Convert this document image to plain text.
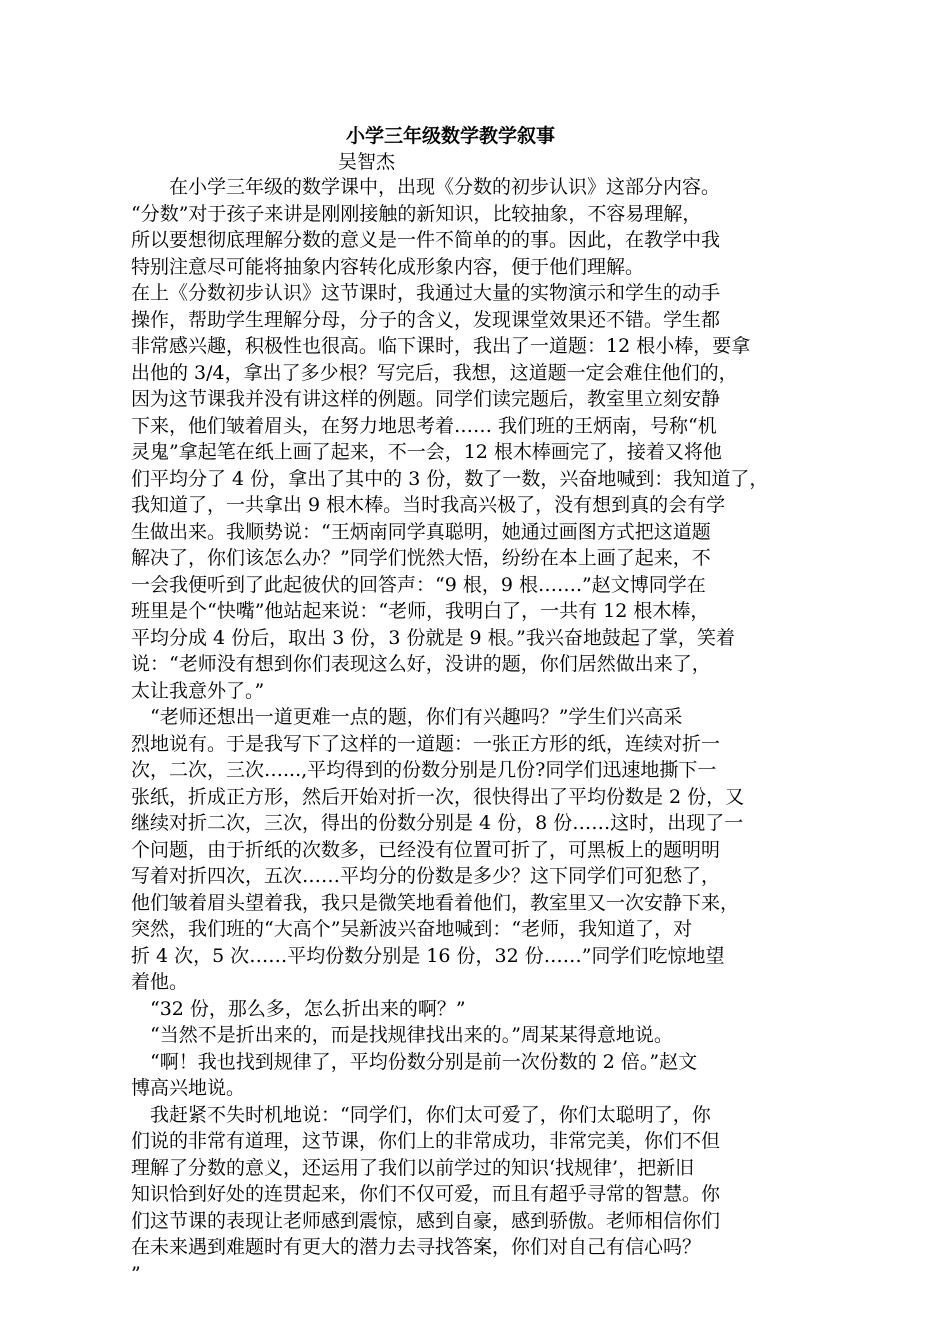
小学三年级数学教学叙事
吴智杰
　　在小学三年级的数学课中，出现《分数的初步认识》这部分内容。
“分数”对于孩子来讲是刚刚接触的新知识，比较抽象，不容易理解，
所以要想彻底理解分数的意义是一件不简单的的事。因此，在教学中我
特别注意尽可能将抽象内容转化成形象内容，便于他们理解。
在上《分数初步认识》这节课时，我通过大量的实物演示和学生的动手
操作，帮助学生理解分母，分子的含义，发现课堂效果还不错。学生都
非常感兴趣，积极性也很高。临下课时，我出了一道题：12 根小棒，要拿
出他的 3/4，拿出了多少根？写完后，我想，这道题一定会难住他们的，
因为这节课我并没有讲这样的例题。同学们读完题后，教室里立刻安静
下来，他们皱着眉头，在努力地思考着…… 我们班的王炳南，号称“机
灵鬼”拿起笔在纸上画了起来，不一会，12 根木棒画完了，接着又将他
们平均分了 4 份，拿出了其中的 3 份，数了一数，兴奋地喊到：我知道了，
我知道了，一共拿出 9 根木棒。当时我高兴极了，没有想到真的会有学
生做出来。我顺势说：“王炳南同学真聪明，她通过画图方式把这道题
解决了，你们该怎么办？”同学们恍然大悟，纷纷在本上画了起来，不
一会我便听到了此起彼伏的回答声：“9 根，9 根…….”赵文博同学在
班里是个“快嘴”他站起来说：“老师，我明白了，一共有 12 根木棒，
平均分成 4 份后，取出 3 份，3 份就是 9 根。”我兴奋地鼓起了掌，笑着
说：“老师没有想到你们表现这么好，没讲的题，你们居然做出来了，
太让我意外了。”
　“老师还想出一道更难一点的题，你们有兴趣吗？”学生们兴高采
烈地说有。于是我写下了这样的一道题：一张正方形的纸，连续对折一
次，二次，三次…...,平均得到的份数分别是几份?同学们迅速地撕下一
张纸，折成正方形，然后开始对折一次，很快得出了平均份数是 2 份，又
继续对折二次，三次，得出的份数分别是 4 份，8 份……这时，出现了一
个问题，由于折纸的次数多，已经没有位置可折了，可黑板上的题明明
写着对折四次，五次……平均分的份数是多少？这下同学们可犯愁了，
他们皱着眉头望着我，我只是微笑地看着他们，教室里又一次安静下来，
突然，我们班的“大高个”吴新波兴奋地喊到：“老师，我知道了，对
折 4 次，5 次……平均份数分别是 16 份，32 份……”同学们吃惊地望
着他。
　“32 份，那么多，怎么折出来的啊？”
　“当然不是折出来的，而是找规律找出来的。”周某某得意地说。
　“啊！我也找到规律了，平均份数分别是前一次份数的 2 倍。”赵文
博高兴地说。
　我赶紧不失时机地说：“同学们，你们太可爱了，你们太聪明了，你
们说的非常有道理，这节课，你们上的非常成功，非常完美，你们不但
理解了分数的意义，还运用了我们以前学过的知识‘找规律’，把新旧
知识恰到好处的连贯起来，你们不仅可爱，而且有超乎寻常的智慧。你
们这节课的表现让老师感到震惊，感到自豪，感到骄傲。老师相信你们
在未来遇到难题时有更大的潜力去寻找答案，你们对自己有信心吗？
”
